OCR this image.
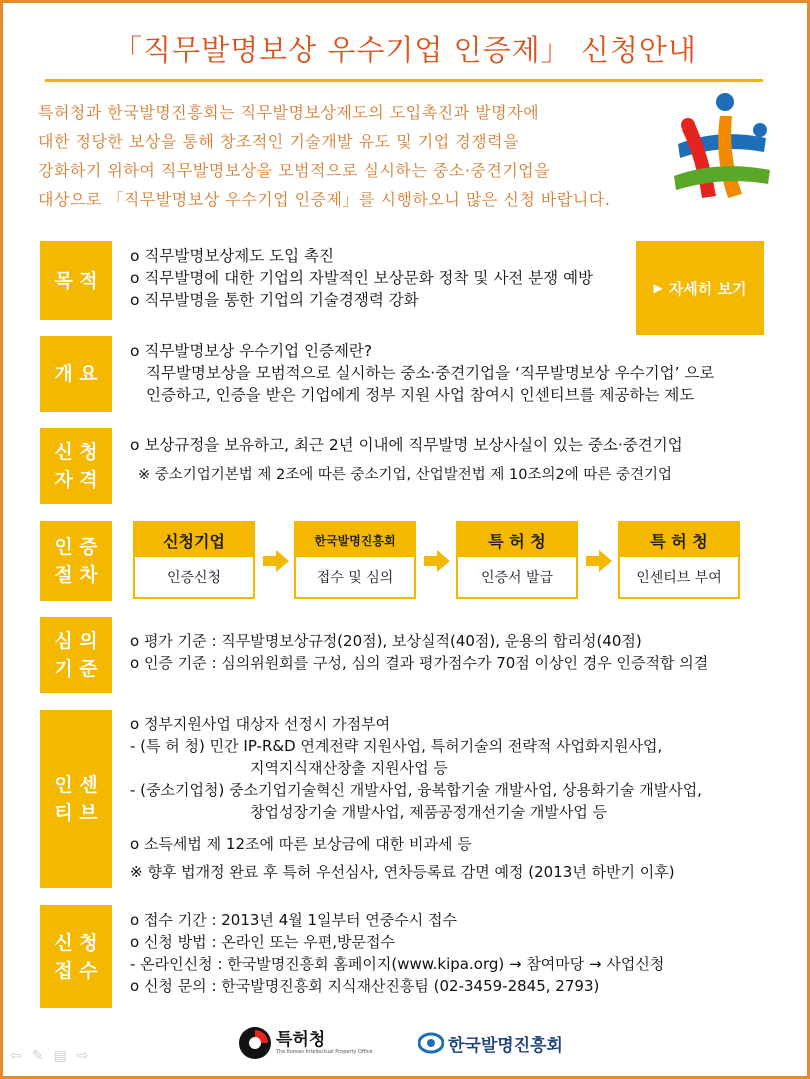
「직무발명보상 우수기업 인증제」 신청안내
특허청과 한국발명진흥회는 직무발명보상제도의 도입촉진과 발명자에
대한 정당한 보상을 통해 창조적인 기술개발 유도 및 기업 경쟁력을
강화하기 위하여 직무발명보상을 모범적으로 실시하는 중소·중견기업을
대상으로 「직무발명보상 우수기업 인증제」를 시행하오니 많은 신청 바랍니다.
목 적
o 직무발명보상제도 도입 촉진
o 직무발명에 대한 기업의 자발적인 보상문화 정착 및 사전 분쟁 예방
o 직무발명을 통한 기업의 기술경쟁력 강화
▶ 자세히 보기
개 요
o 직무발명보상 우수기업 인증제란?
직무발명보상을 모범적으로 실시하는 중소·중견기업을 ‘직무발명보상 우수기업’ 으로
인증하고, 인증을 받은 기업에게 정부 지원 사업 참여시 인센티브를 제공하는 제도
신 청
자 격
o 보상규정을 보유하고, 최근 2년 이내에 직무발명 보상사실이 있는 중소·중견기업
※ 중소기업기본법 제 2조에 따른 중소기업, 산업발전법 제 10조의2에 따른 중견기업
인 증
절 차
신청기업
인증신청
한국발명진흥회
접수 및 심의
특 허 청
인증서 발급
특 허 청
인센티브 부여
심 의
기 준
o 평가 기준 : 직무발명보상규정(20점), 보상실적(40점), 운용의 합리성(40점)
o 인증 기준 : 심의위원회를 구성, 심의 결과 평가점수가 70점 이상인 경우 인증적합 의결
인 센
티 브
o 정부지원사업 대상자 선정시 가점부여
- (특 허 청) 민간 IP-R&D 연계전략 지원사업, 특허기술의 전략적 사업화지원사업,
지역지식재산창출 지원사업 등
- (중소기업청) 중소기업기술혁신 개발사업, 융복합기술 개발사업, 상용화기술 개발사업,
창업성장기술 개발사업, 제품공정개선기술 개발사업 등
o 소득세법 제 12조에 따른 보상금에 대한 비과세 등
※ 향후 법개정 완료 후 특허 우선심사, 연차등록료 감면 예정 (2013년 하반기 이후)
신 청
접 수
o 접수 기간 : 2013년 4월 1일부터 연중수시 접수
o 신청 방법 : 온라인 또는 우편,방문접수
- 온라인신청 : 한국발명진흥회 홈페이지(www.kipa.org) → 참여마당 → 사업신청
o 신청 문의 : 한국발명진흥회 지식재산진흥팀 (02-3459-2845, 2793)
특허청
The Korean Intellectual Property Office	한국발명진흥회
⇦ ✎ ▤ ⇨
